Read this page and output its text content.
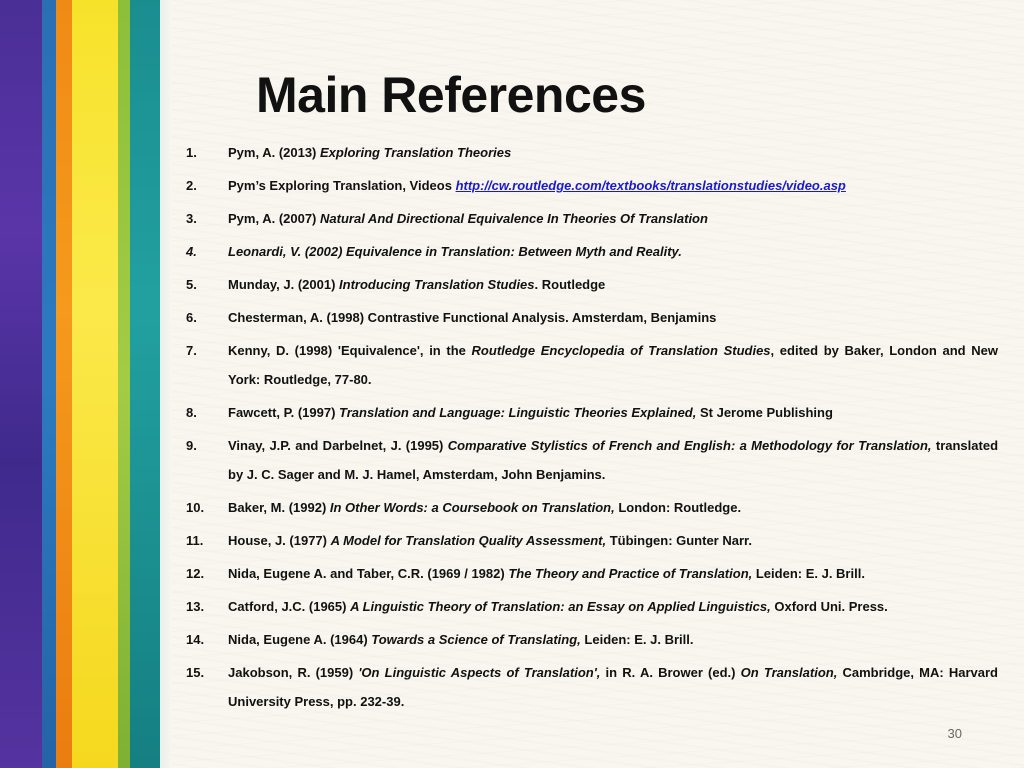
Main References
1.	Pym, A. (2013) Exploring Translation Theories
2.	Pym’s Exploring Translation, Videos http://cw.routledge.com/textbooks/translationstudies/video.asp
3.	Pym, A. (2007) Natural And Directional Equivalence In Theories Of Translation
4.	Leonardi, V. (2002) Equivalence in Translation: Between Myth and Reality.
5.	Munday, J. (2001) Introducing Translation Studies. Routledge
6.	Chesterman, A. (1998) Contrastive Functional Analysis. Amsterdam, Benjamins
7.	Kenny, D. (1998) 'Equivalence', in the Routledge Encyclopedia of Translation Studies, edited by Baker, London and New York: Routledge, 77-80.
8.	Fawcett, P. (1997) Translation and Language: Linguistic Theories Explained, St Jerome Publishing
9.	Vinay, J.P. and Darbelnet, J. (1995) Comparative Stylistics of French and English: a Methodology for Translation, translated by J. C. Sager and M. J. Hamel, Amsterdam, John Benjamins.
10.	Baker, M. (1992) In Other Words: a Coursebook on Translation, London: Routledge.
11.	House, J. (1977) A Model for Translation Quality Assessment, Tübingen: Gunter Narr.
12.	Nida, Eugene A. and Taber, C.R. (1969 / 1982) The Theory and Practice of Translation, Leiden: E. J. Brill.
13.	Catford, J.C. (1965) A Linguistic Theory of Translation: an Essay on Applied Linguistics, Oxford Uni. Press.
14.	Nida, Eugene A. (1964) Towards a Science of Translating, Leiden: E. J. Brill.
15.	Jakobson, R. (1959) 'On Linguistic Aspects of Translation', in R. A. Brower (ed.) On Translation, Cambridge, MA: Harvard University Press, pp. 232-39.
30
